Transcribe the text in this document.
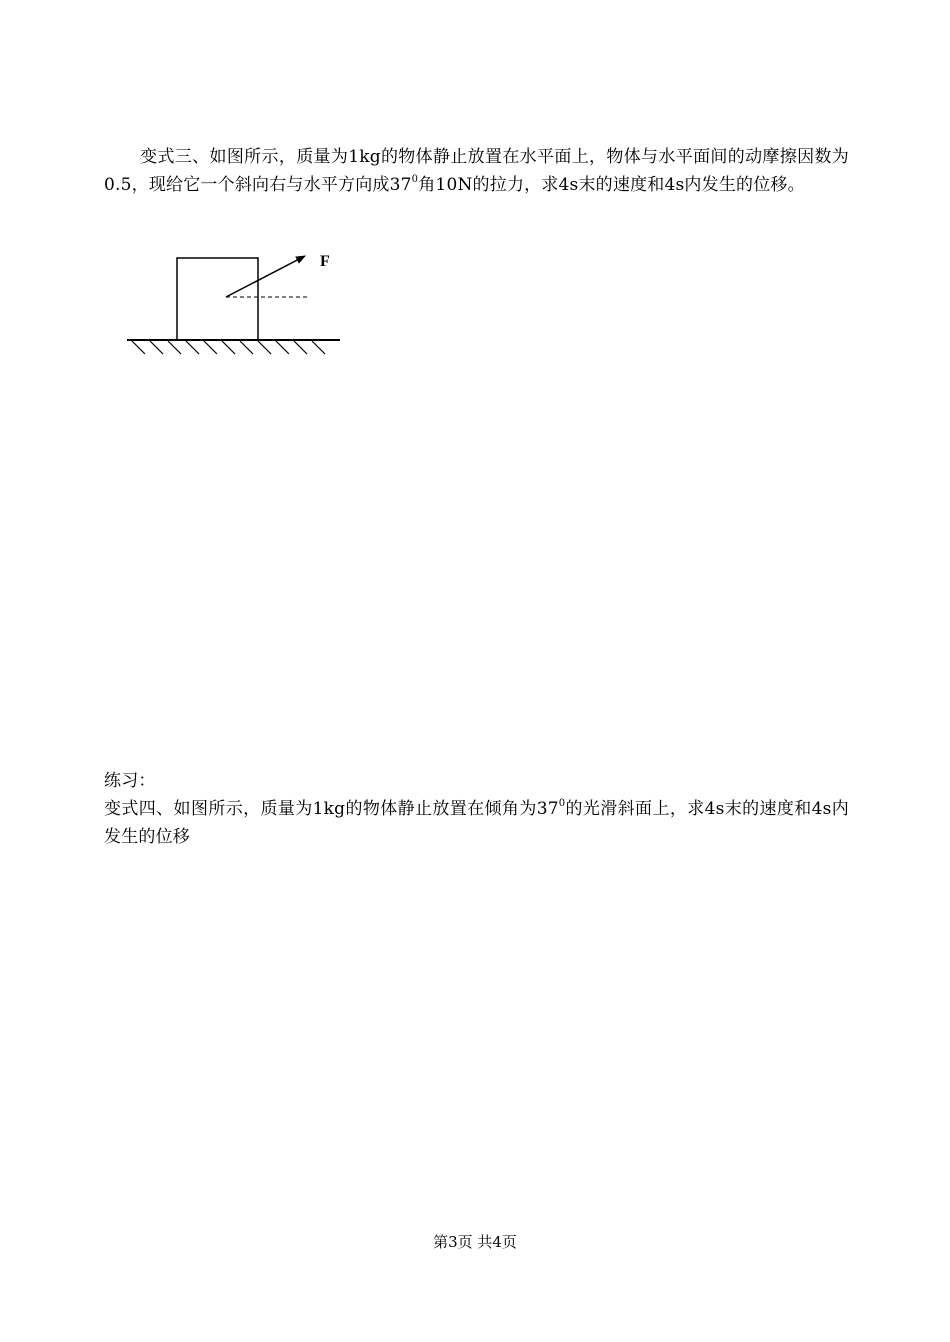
变式三、如图所示，质量为1kg的物体静止放置在水平面上，物体与水平面间的动摩擦因数为0.5，现给它一个斜向右与水平方向成$37^0$角10N的拉力，求4s末的速度和4s内发生的位移。
F
练习：
变式四、如图所示，质量为1kg的物体静止放置在倾角为$37^0$的光滑斜面上，求4s末的速度和4s内发生的位移
第3页 共4页
